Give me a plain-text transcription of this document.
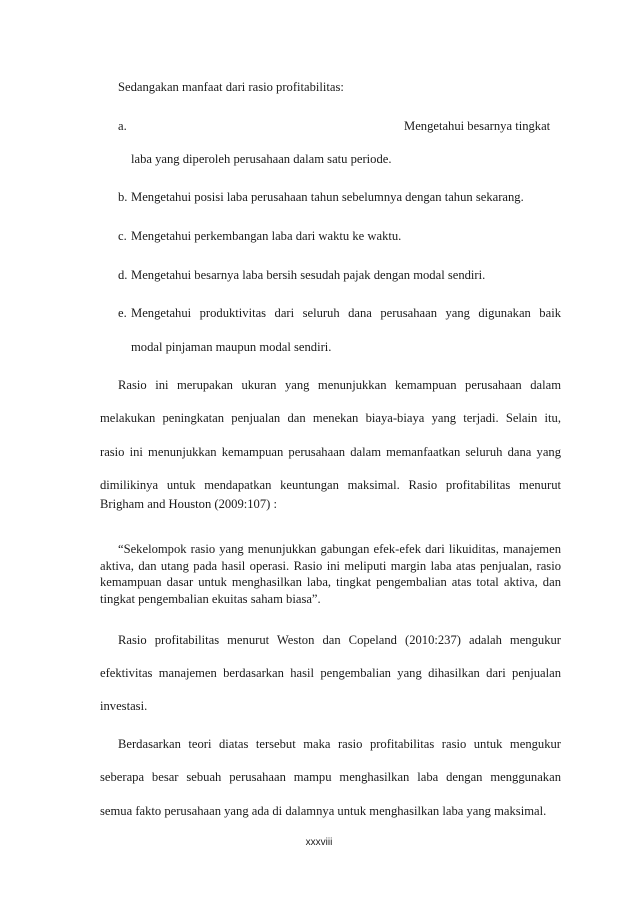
Sedangakan manfaat dari rasio profitabilitas:
a.	Mengetahui besarnya tingkat
laba yang diperoleh perusahaan dalam satu periode.
b. Mengetahui posisi laba perusahaan tahun sebelumnya dengan tahun sekarang.
c. Mengetahui perkembangan laba dari waktu ke waktu.
d. Mengetahui besarnya laba bersih sesudah pajak dengan modal sendiri.
e. Mengetahui produktivitas dari seluruh dana perusahaan yang digunakan baik
modal pinjaman maupun modal sendiri.
Rasio ini merupakan ukuran yang menunjukkan kemampuan perusahaan dalam
melakukan peningkatan penjualan dan menekan biaya-biaya yang terjadi. Selain itu,
rasio ini menunjukkan kemampuan perusahaan dalam memanfaatkan seluruh dana yang
dimilikinya untuk mendapatkan keuntungan maksimal. Rasio profitabilitas menurut
Brigham and Houston (2009:107) :
“Sekelompok rasio yang menunjukkan gabungan efek-efek dari likuiditas, manajemen
aktiva, dan utang pada hasil operasi. Rasio ini meliputi margin laba atas penjualan, rasio
kemampuan dasar untuk menghasilkan laba, tingkat pengembalian atas total aktiva, dan
tingkat pengembalian ekuitas saham biasa”.
Rasio profitabilitas menurut Weston dan Copeland (2010:237) adalah mengukur
efektivitas manajemen berdasarkan hasil pengembalian yang dihasilkan dari penjualan
investasi.
Berdasarkan teori diatas tersebut maka rasio profitabilitas rasio untuk mengukur
seberapa besar sebuah perusahaan mampu menghasilkan laba dengan menggunakan
semua fakto perusahaan yang ada di dalamnya untuk menghasilkan laba yang maksimal.
xxxviii
